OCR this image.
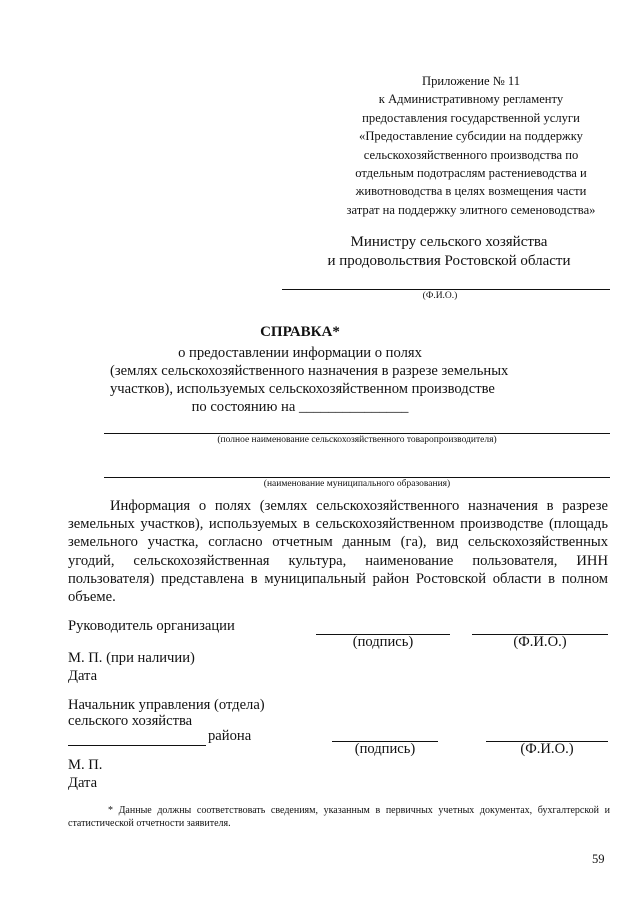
Приложение № 11
к Административному регламенту
предоставления государственной услуги
«Предоставление субсидии на поддержку
сельскохозяйственного производства по
отдельным подотраслям растениеводства и
животноводства в целях возмещения части
затрат на поддержку элитного семеноводства»
Министру сельского хозяйства
и продовольствия Ростовской области
(Ф.И.О.)
СПРАВКА*
о предоставлении информации о полях
(землях сельскохозяйственного назначения в разрезе земельных
участков), используемых сельскохозяйственном производстве
по состоянию на _______________
(полное наименование сельскохозяйственного товаропроизводителя)
(наименование муниципального образования)

Информация о полях (землях сельскохозяйственного назначения в разрезе земельных участков), используемых в сельскохозяйственном производстве (площадь земельного участка, согласно отчетным данным (га), вид сельскохозяйственных угодий, сельскохозяйственная культура, наименование пользователя, ИНН пользователя) представлена в муниципальный район Ростовской области в полном объеме.

Руководитель организации
(подпись)	(Ф.И.О.)
М. П. (при наличии)
Дата
Начальник управления (отдела)
сельского хозяйства
района
(подпись)	(Ф.И.О.)
М. П.
Дата

* Данные должны соответствовать сведениям, указанным в первичных учетных документах, бухгалтерской и статистической отчетности заявителя.

59
